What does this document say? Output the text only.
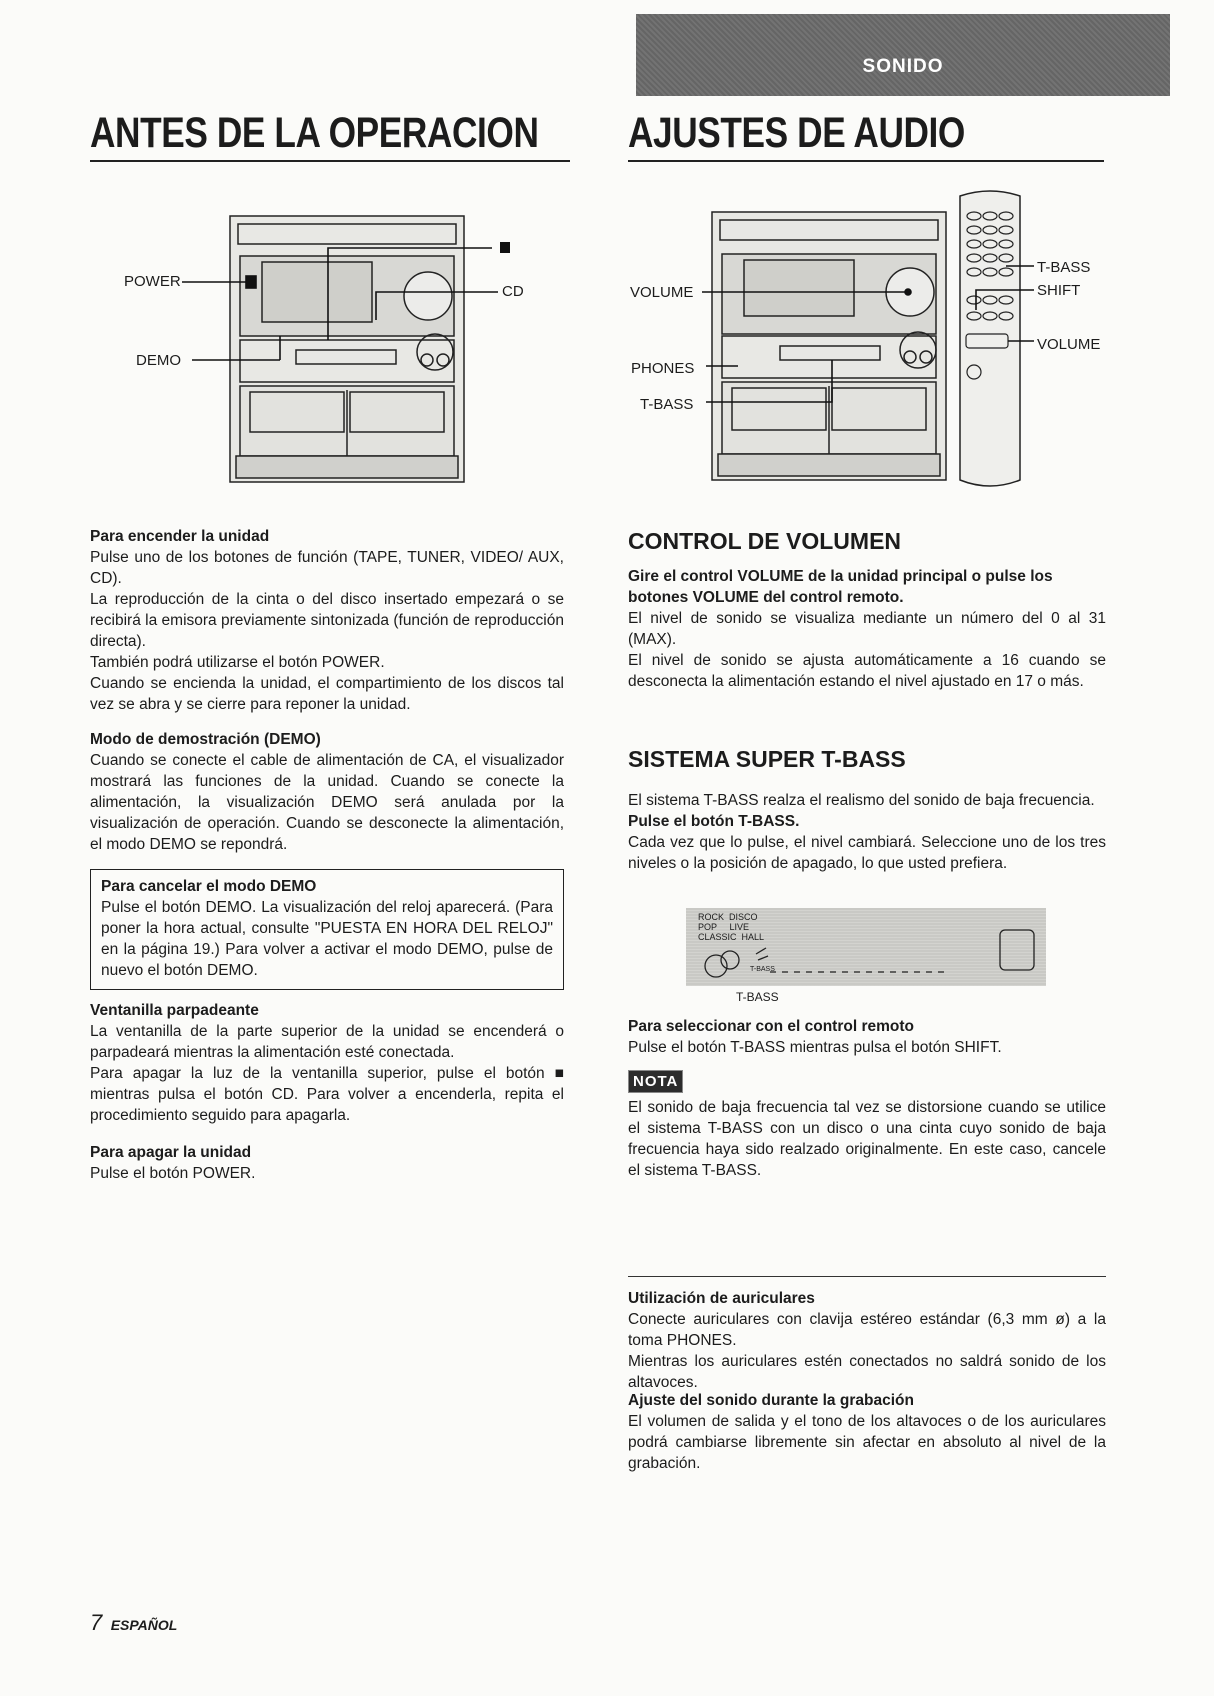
SONIDO
ANTES DE LA OPERACION
POWER
DEMO
CD
Para encender la unidad
Pulse uno de los botones de función (TAPE, TUNER, VIDEO/ AUX, CD).
La reproducción de la cinta o del disco insertado empezará o se recibirá la emisora previamente sintonizada (función de reproducción directa).
También podrá utilizarse el botón POWER.
Cuando se encienda la unidad, el compartimiento de los discos tal vez se abra y se cierre para reponer la unidad.
Modo de demostración (DEMO)
Cuando se conecte el cable de alimentación de CA, el visualizador mostrará las funciones de la unidad. Cuando se conecte la alimentación, la visualización DEMO será anulada por la visualización de operación. Cuando se desconecte la alimentación, el modo DEMO se repondrá.
Para cancelar el modo DEMO
Pulse el botón DEMO. La visualización del reloj aparecerá. (Para poner la hora actual, consulte "PUESTA EN HORA DEL RELOJ" en la página 19.) Para volver a activar el modo DEMO, pulse de nuevo el botón DEMO.
Ventanilla parpadeante
La ventanilla de la parte superior de la unidad se encenderá o parpadeará mientras la alimentación esté conectada.
Para apagar la luz de la ventanilla superior, pulse el botón ■ mientras pulsa el botón CD. Para volver a encenderla, repita el procedimiento seguido para apagarla.
Para apagar la unidad
Pulse el botón POWER.
AJUSTES DE AUDIO
VOLUME
PHONES
T-BASS
T-BASS
SHIFT
VOLUME
CONTROL DE VOLUMEN
Gire el control VOLUME de la unidad principal o pulse los botones VOLUME del control remoto.
El nivel de sonido se visualiza mediante un número del 0 al 31 (MAX).
El nivel de sonido se ajusta automáticamente a 16 cuando se desconecta la alimentación estando el nivel ajustado en 17 o más.
SISTEMA SUPER T-BASS
El sistema T-BASS realza el realismo del sonido de baja frecuencia.
Pulse el botón T-BASS.
Cada vez que lo pulse, el nivel cambiará. Seleccione uno de los tres niveles o la posición de apagado, lo que usted prefiera.
ROCK DISCO
POP LIVE
CLASSIC HALL
T-BASS
T-BASS
Para seleccionar con el control remoto
Pulse el botón T-BASS mientras pulsa el botón SHIFT.
NOTA
El sonido de baja frecuencia tal vez se distorsione cuando se utilice el sistema T-BASS con un disco o una cinta cuyo sonido de baja frecuencia haya sido realzado originalmente. En este caso, cancele el sistema T-BASS.
Utilización de auriculares
Conecte auriculares con clavija estéreo estándar (6,3 mm ø) a la toma PHONES.
Mientras los auriculares estén conectados no saldrá sonido de los altavoces.
7 ESPAÑOL
Ajuste del sonido durante la grabación
El volumen de salida y el tono de los altavoces o de los auriculares podrá cambiarse libremente sin afectar en absoluto al nivel de la grabación.
